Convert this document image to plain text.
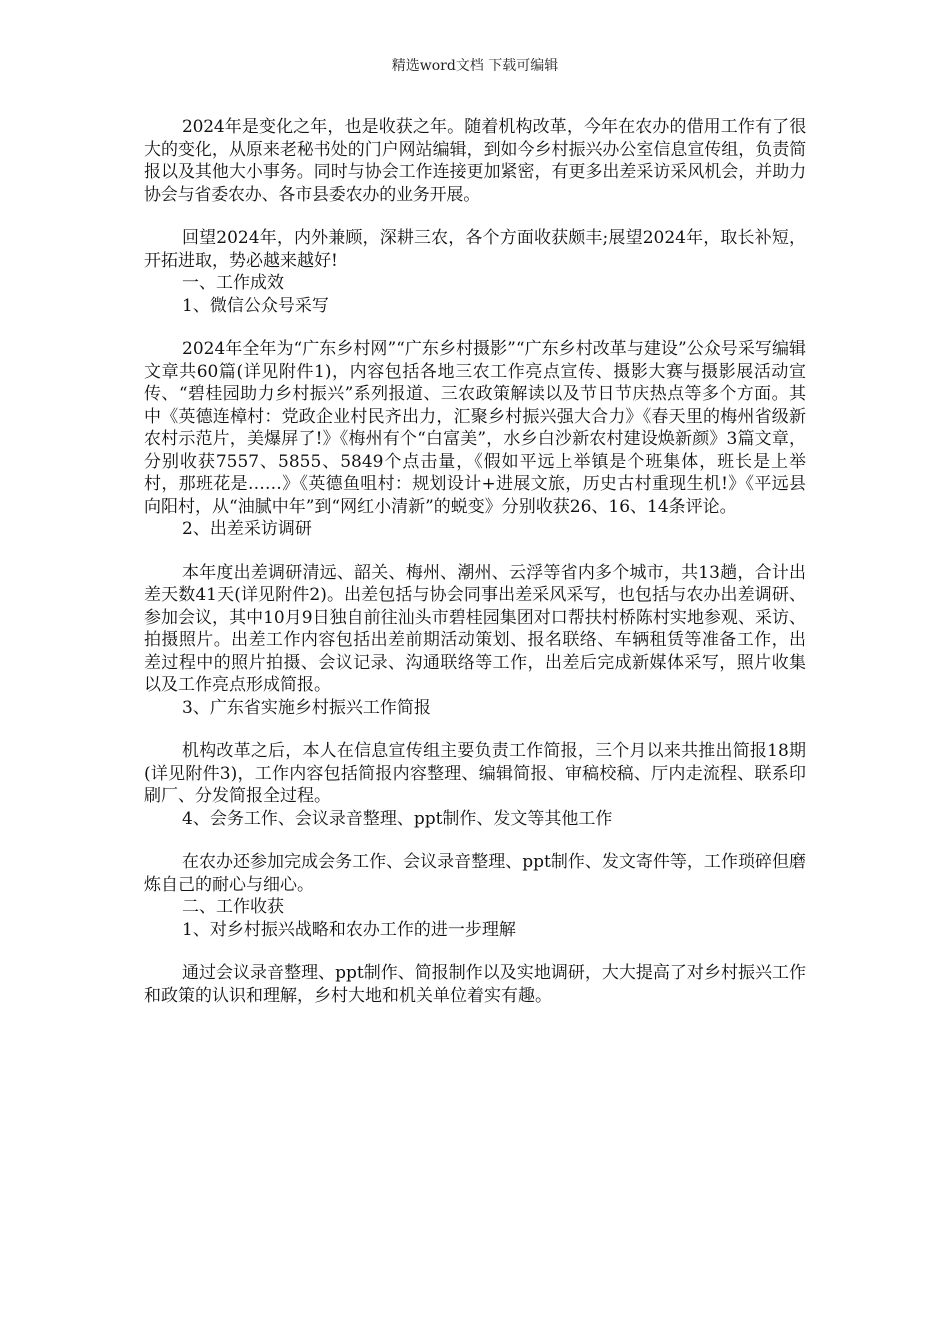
精选word文档 下载可编辑

2024年是变化之年，也是收获之年。随着机构改革，今年在农办的借用工作有了很大的变化，从原来老秘书处的门户网站编辑，到如今乡村振兴办公室信息宣传组，负责简报以及其他大小事务。同时与协会工作连接更加紧密，有更多出差采访采风机会，并助力协会与省委农办、各市县委农办的业务开展。

回望2024年，内外兼顾，深耕三农，各个方面收获颇丰;展望2024年，取长补短，开拓进取，势必越来越好!

一、工作成效

1、微信公众号采写

2024年全年为“广东乡村网”“广东乡村摄影”“广东乡村改革与建设”公众号采写编辑文章共60篇(详见附件1)，内容包括各地三农工作亮点宣传、摄影大赛与摄影展活动宣传、“碧桂园助力乡村振兴”系列报道、三农政策解读以及节日节庆热点等多个方面。其中《英德连樟村：党政企业村民齐出力，汇聚乡村振兴强大合力》《春天里的梅州省级新农村示范片，美爆屏了!》《梅州有个“白富美”，水乡白沙新农村建设焕新颜》3篇文章，分别收获7557、5855、5849个点击量，《假如平远上举镇是个班集体，班长是上举村，那班花是……》《英德鱼咀村：规划设计+进展文旅，历史古村重现生机!》《平远县向阳村，从“油腻中年”到“网红小清新”的蜕变》分别收获26、16、14条评论。

2、出差采访调研

本年度出差调研清远、韶关、梅州、潮州、云浮等省内多个城市，共13趟，合计出差天数41天(详见附件2)。出差包括与协会同事出差采风采写，也包括与农办出差调研、参加会议，其中10月9日独自前往汕头市碧桂园集团对口帮扶村桥陈村实地参观、采访、拍摄照片。出差工作内容包括出差前期活动策划、报名联络、车辆租赁等准备工作，出差过程中的照片拍摄、会议记录、沟通联络等工作，出差后完成新媒体采写，照片收集以及工作亮点形成简报。

3、广东省实施乡村振兴工作简报

机构改革之后，本人在信息宣传组主要负责工作简报，三个月以来共推出简报18期(详见附件3)，工作内容包括简报内容整理、编辑简报、审稿校稿、厅内走流程、联系印刷厂、分发简报全过程。

4、会务工作、会议录音整理、ppt制作、发文等其他工作

在农办还参加完成会务工作、会议录音整理、ppt制作、发文寄件等，工作琐碎但磨炼自己的耐心与细心。

二、工作收获

1、对乡村振兴战略和农办工作的进一步理解

通过会议录音整理、ppt制作、简报制作以及实地调研，大大提高了对乡村振兴工作和政策的认识和理解，乡村大地和机关单位着实有趣。
